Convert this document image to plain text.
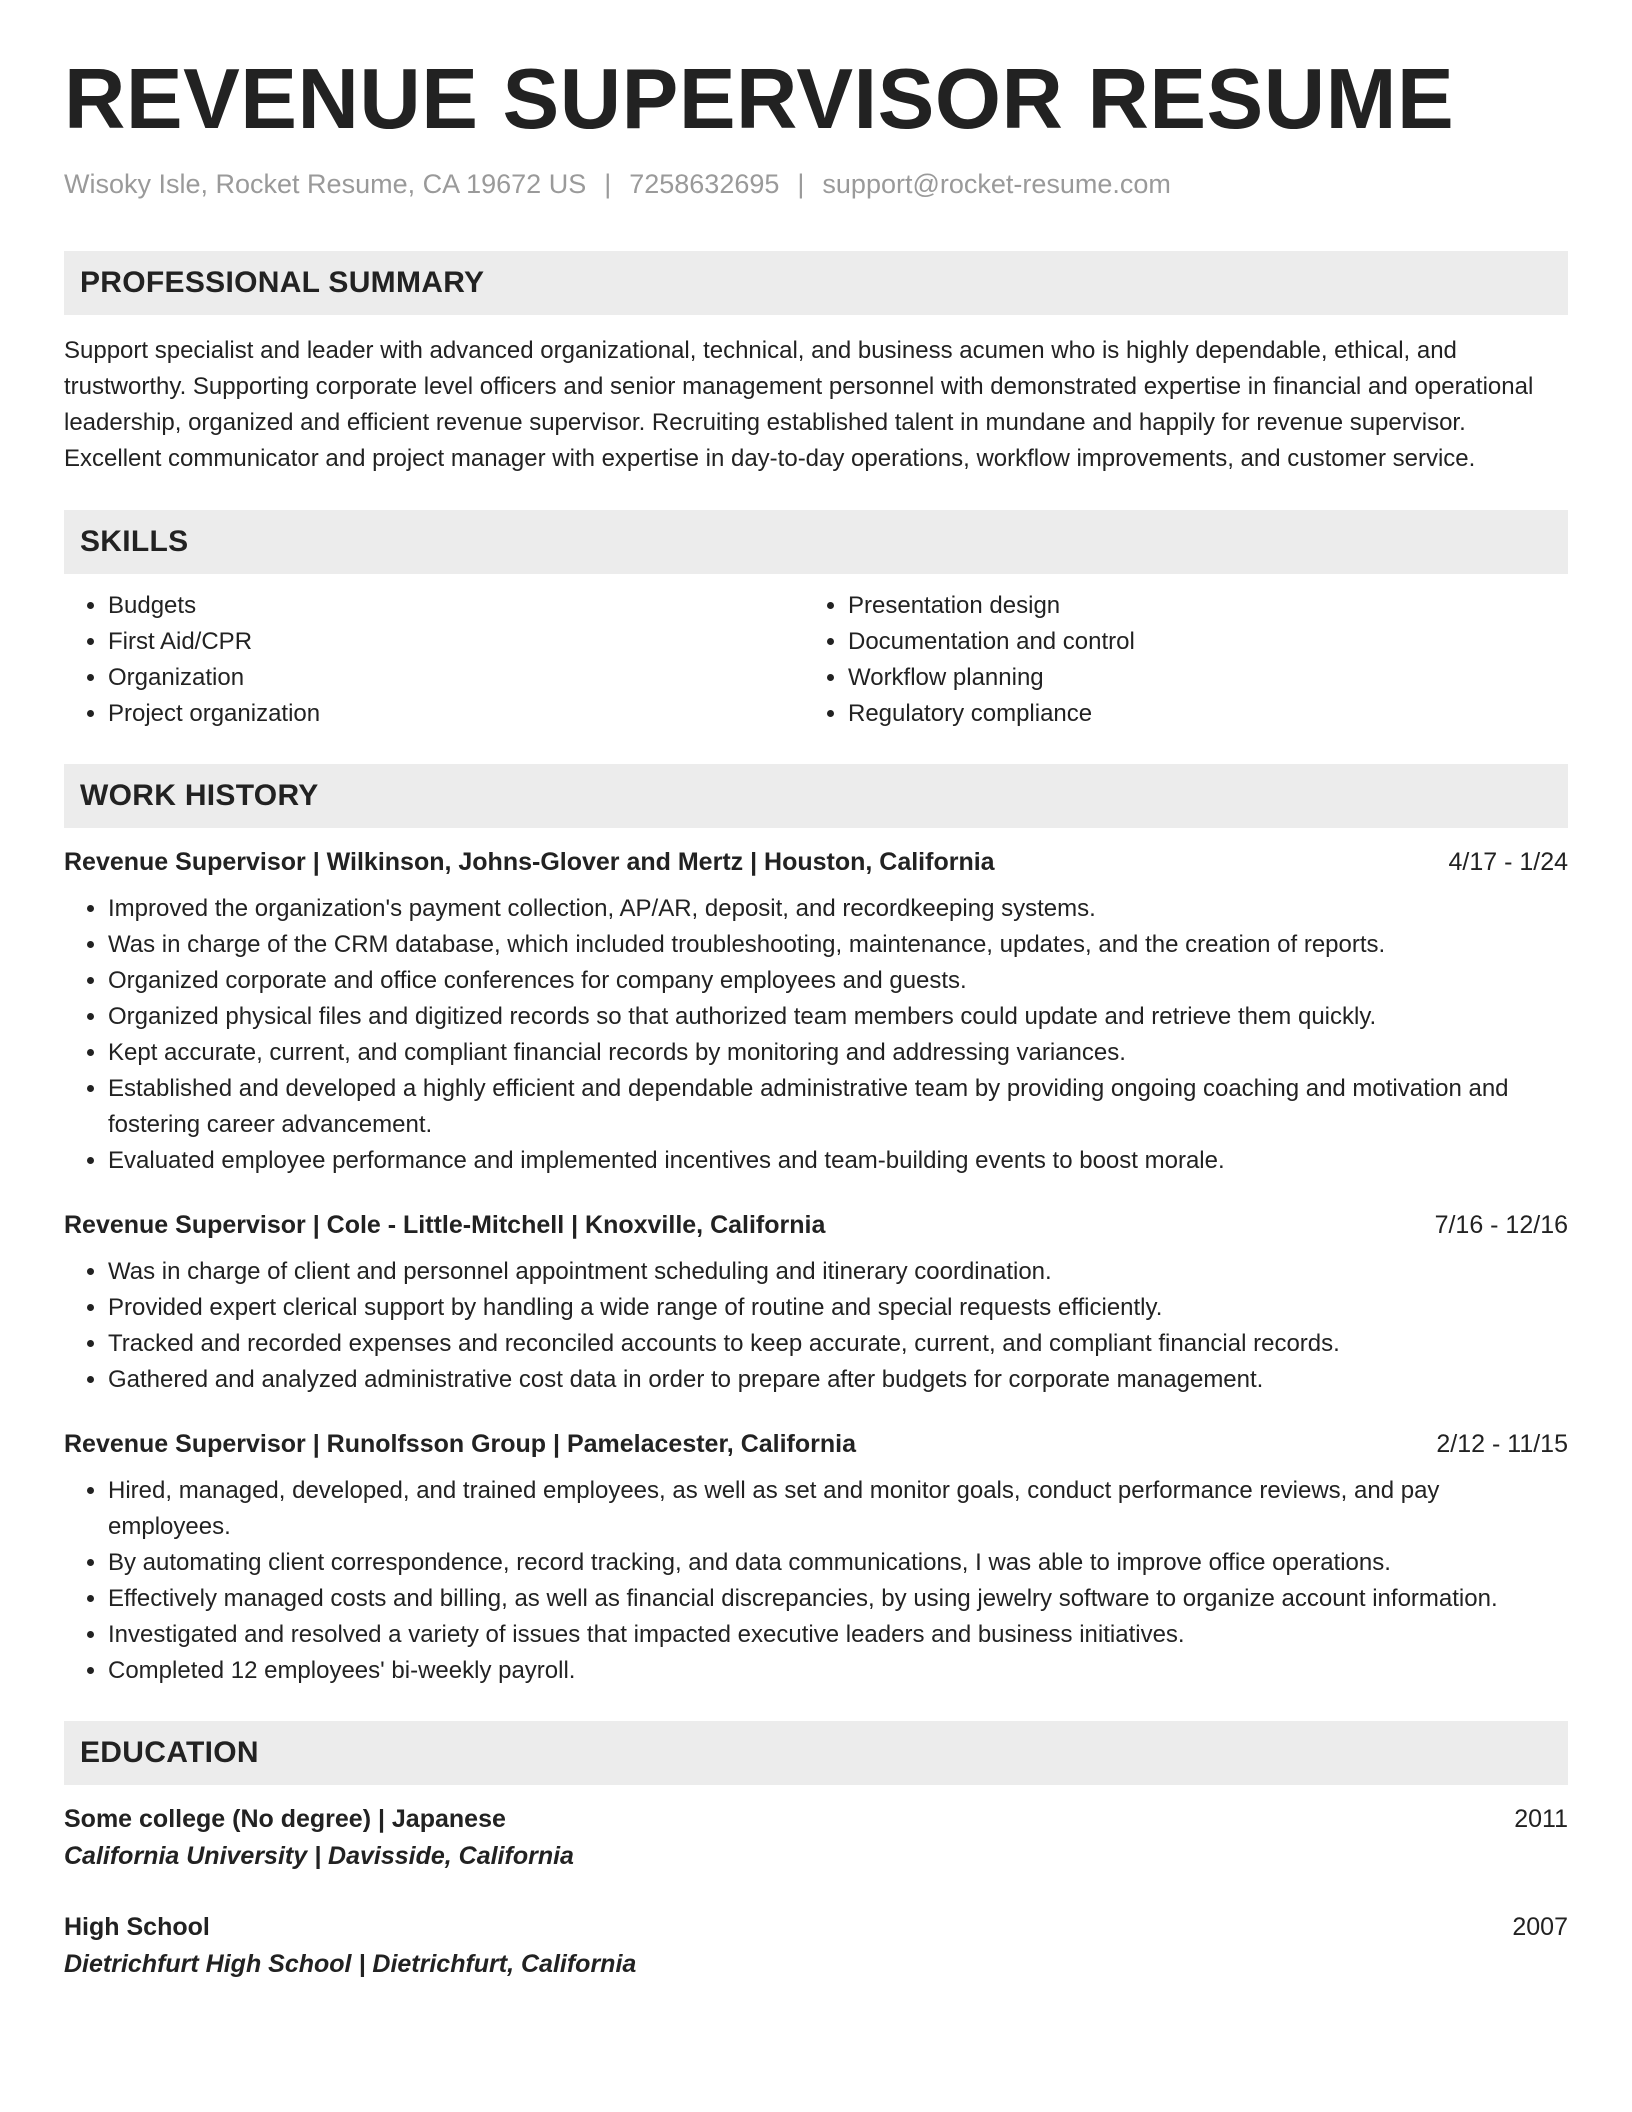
REVENUE SUPERVISOR RESUME
Wisoky Isle, Rocket Resume, CA 19672 US | 7258632695 | support@rocket-resume.com
PROFESSIONAL SUMMARY

Support specialist and leader with advanced organizational, technical, and business acumen who is highly dependable, ethical, and trustworthy. Supporting corporate level officers and senior management personnel with demonstrated expertise in financial and operational leadership, organized and efficient revenue supervisor. Recruiting established talent in mundane and happily for revenue supervisor. Excellent communicator and project manager with expertise in day-to-day operations, workflow improvements, and customer service.

SKILLS
• Budgets
• First Aid/CPR
• Organization
• Project organization
• Presentation design
• Documentation and control
• Workflow planning
• Regulatory compliance
WORK HISTORY
Revenue Supervisor | Wilkinson, Johns-Glover and Mertz | Houston, California	4/17 - 1/24
• Improved the organization's payment collection, AP/AR, deposit, and recordkeeping systems.
• Was in charge of the CRM database, which included troubleshooting, maintenance, updates, and the creation of reports.
• Organized corporate and office conferences for company employees and guests.
• Organized physical files and digitized records so that authorized team members could update and retrieve them quickly.
• Kept accurate, current, and compliant financial records by monitoring and addressing variances.
• Established and developed a highly efficient and dependable administrative team by providing ongoing coaching and motivation and fostering career advancement.
• Evaluated employee performance and implemented incentives and team-building events to boost morale.
Revenue Supervisor | Cole - Little-Mitchell | Knoxville, California	7/16 - 12/16
• Was in charge of client and personnel appointment scheduling and itinerary coordination.
• Provided expert clerical support by handling a wide range of routine and special requests efficiently.
• Tracked and recorded expenses and reconciled accounts to keep accurate, current, and compliant financial records.
• Gathered and analyzed administrative cost data in order to prepare after budgets for corporate management.
Revenue Supervisor | Runolfsson Group | Pamelacester, California	2/12 - 11/15
• Hired, managed, developed, and trained employees, as well as set and monitor goals, conduct performance reviews, and pay employees.
• By automating client correspondence, record tracking, and data communications, I was able to improve office operations.
• Effectively managed costs and billing, as well as financial discrepancies, by using jewelry software to organize account information.
• Investigated and resolved a variety of issues that impacted executive leaders and business initiatives.
• Completed 12 employees' bi-weekly payroll.
EDUCATION
Some college (No degree) | Japanese	2011
California University | Davisside, California
High School	2007
Dietrichfurt High School | Dietrichfurt, California
